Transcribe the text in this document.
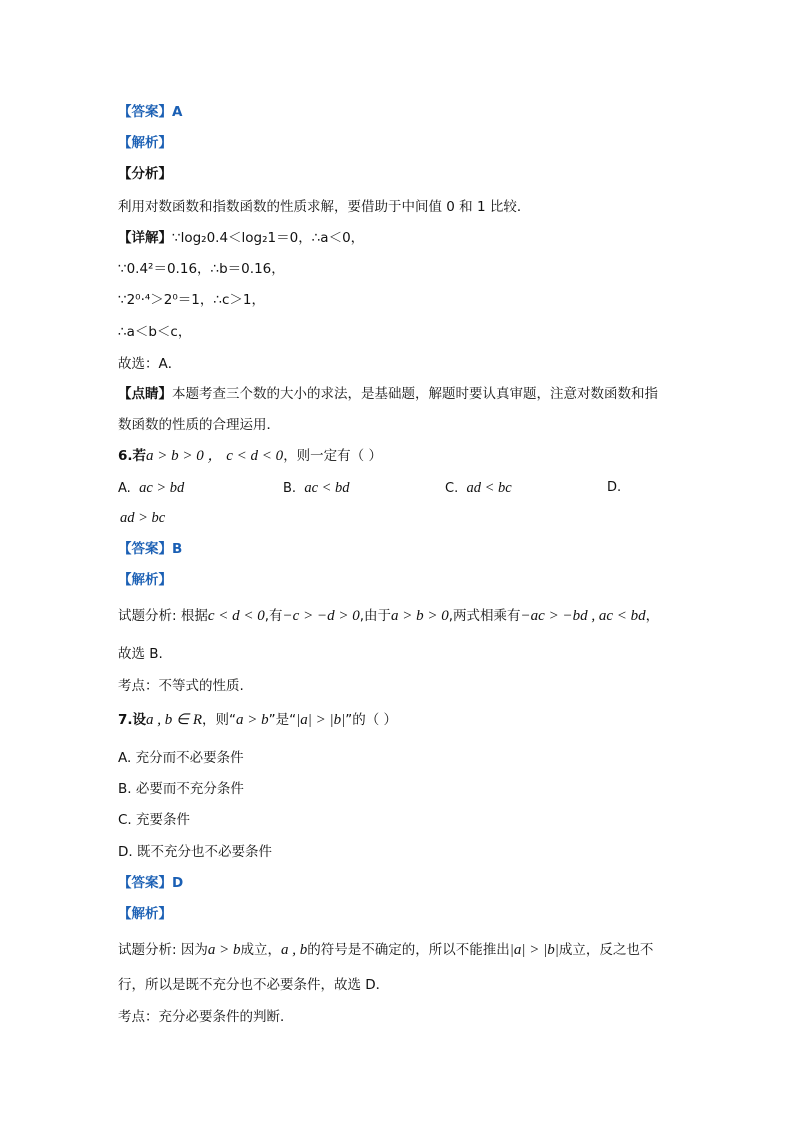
【答案】A
【解析】
【分析】
利用对数函数和指数函数的性质求解，要借助于中间值 0 和 1 比较．
【详解】∵log₂0.4＜log₂1＝0，∴a＜0，
∵0.4²＝0.16，∴b＝0.16，
∵2⁰·⁴＞2⁰＝1，∴c＞1，
∴a＜b＜c，
故选：A．
【点睛】本题考查三个数的大小的求法，是基础题，解题时要认真审题，注意对数函数和指
数函数的性质的合理运用．
6.若a > b > 0 ， c < d < 0，则一定有（ ）
A. ac > bd	B. ac < bd	C. ad < bc	D.
ad > bc
【答案】B
【解析】
试题分析: 根据c < d < 0,有−c > −d > 0,由于a > b > 0,两式相乘有−ac > −bd , ac < bd，
故选 B.
考点：不等式的性质.
7.设a , b ∈ R，则“a > b”是“|a| > |b|”的（ ）
A. 充分而不必要条件
B. 必要而不充分条件
C. 充要条件
D. 既不充分也不必要条件
【答案】D
【解析】
试题分析: 因为a > b成立，a , b的符号是不确定的，所以不能推出|a| > |b|成立，反之也不
行，所以是既不充分也不必要条件，故选 D．
考点：充分必要条件的判断．
